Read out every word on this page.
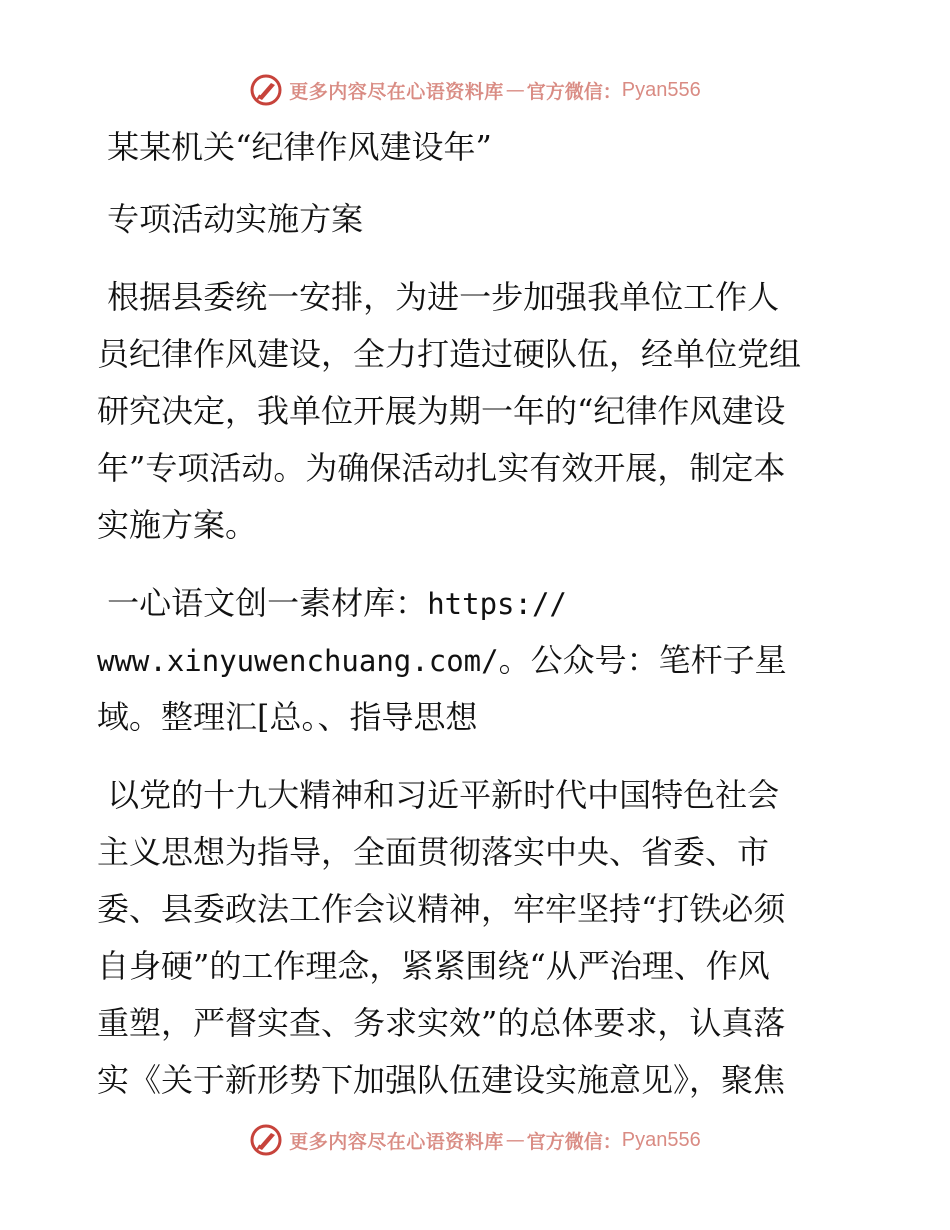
更多内容尽在心语资料库 — 官方微信： Pyan556

某某机关“纪律作风建设年”

专项活动实施方案

根据县委统一安排，为进一步加强我单位工作人

员纪律作风建设，全力打造过硬队伍，经单位党组

研究决定，我单位开展为期一年的“纪律作风建设

年”专项活动。为确保活动扎实有效开展，制定本

实施方案。

一心语文创一素材库：https://

www.xinyuwenchuang.com/。公众号：笔杆子星

域。整理汇[总。、指导思想

以党的十九大精神和习近平新时代中国特色社会

主义思想为指导，全面贯彻落实中央、省委、市

委、县委政法工作会议精神，牢牢坚持“打铁必须

自身硬”的工作理念，紧紧围绕“从严治理、作风

重塑，严督实查、务求实效”的总体要求，认真落

实《关于新形势下加强队伍建设实施意见》，聚焦

更多内容尽在心语资料库 — 官方微信： Pyan556
